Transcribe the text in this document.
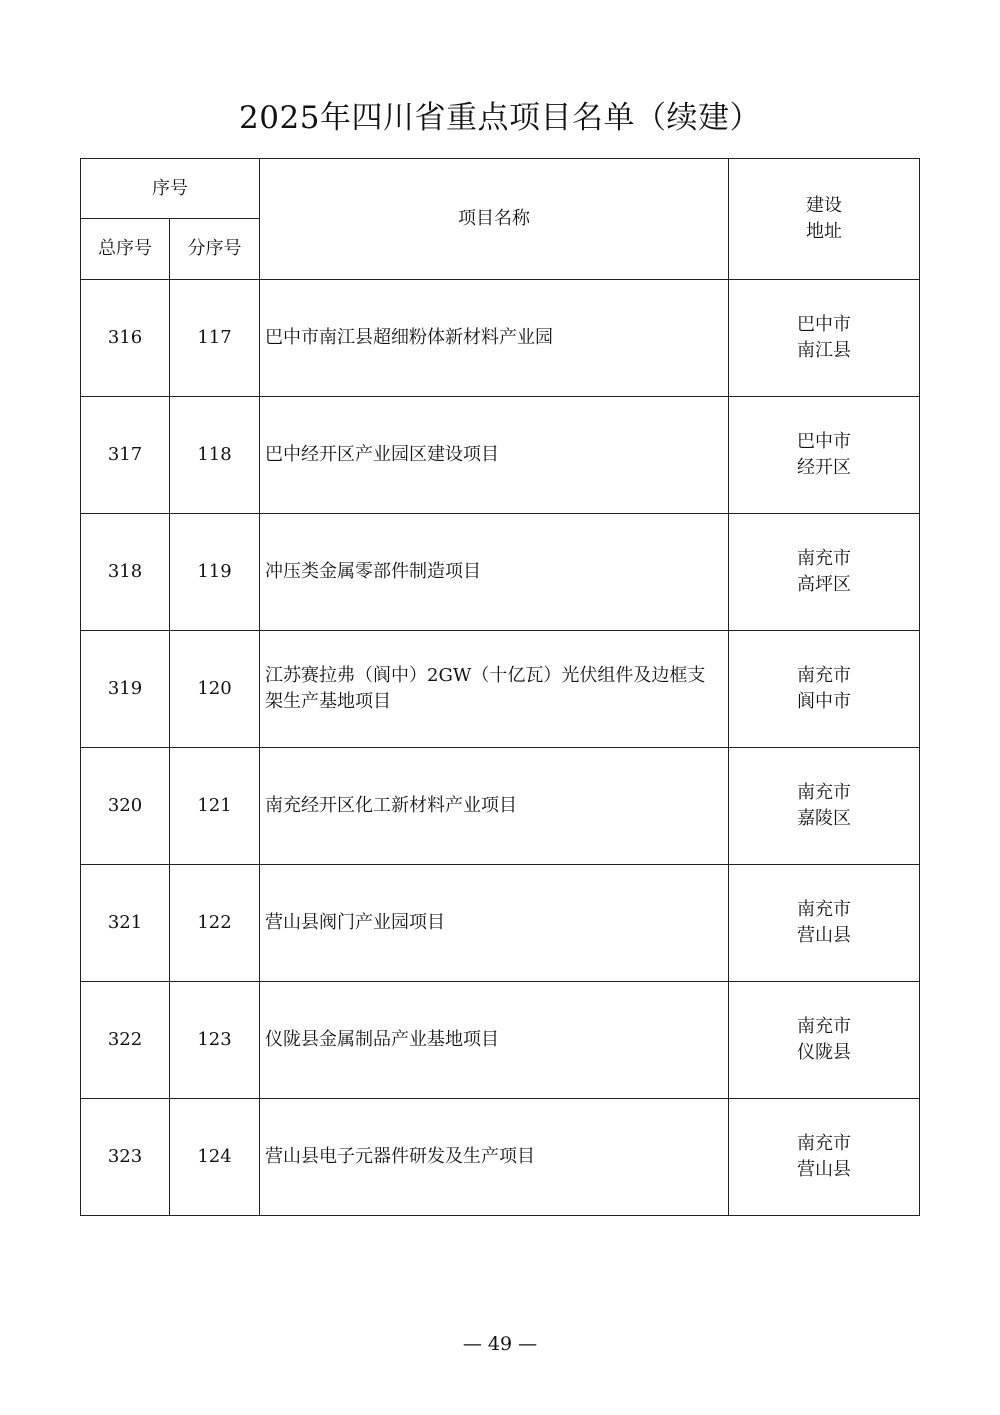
2025年四川省重点项目名单（续建）
序号		项目名称	建设
地址
总序号	分序号		
316	117	巴中市南江县超细粉体新材料产业园	巴中市
南江县

317	118	巴中经开区产业园区建设项目	巴中市
经开区

318	119	冲压类金属零部件制造项目	南充市
高坪区

319	120	江苏赛拉弗（阆中）2GW（十亿瓦）光伏组件及边框支架生产基地项目	南充市
阆中市

320	121	南充经开区化工新材料产业项目	南充市
嘉陵区

321	122	营山县阀门产业园项目	南充市
营山县

322	123	仪陇县金属制品产业基地项目	南充市
仪陇县

323	124	营山县电子元器件研发及生产项目	南充市
营山县
— 49 —
